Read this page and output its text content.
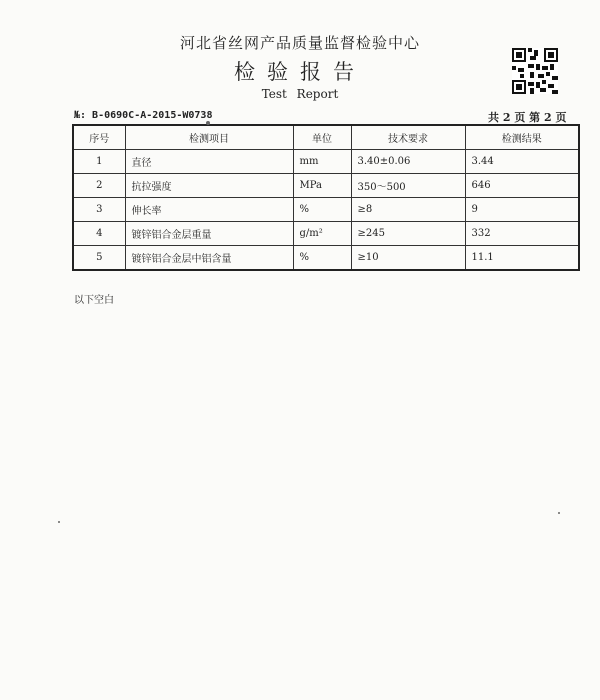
河北省丝网产品质量监督检验中心
检验报告
Test Report
№: B-0690C-A-2015-W0738	共 2 页 第 2 页
序号	检测项目	单位	技术要求	检测结果
1	直径	mm	3.40±0.06	3.44
2	抗拉强度	MPa	350～500	646
3	伸长率	%	≥8	9
4	镀锌铝合金层重量	g/m²	≥245	332
5	镀锌铝合金层中铝含量	%	≥10	11.1
以下空白
